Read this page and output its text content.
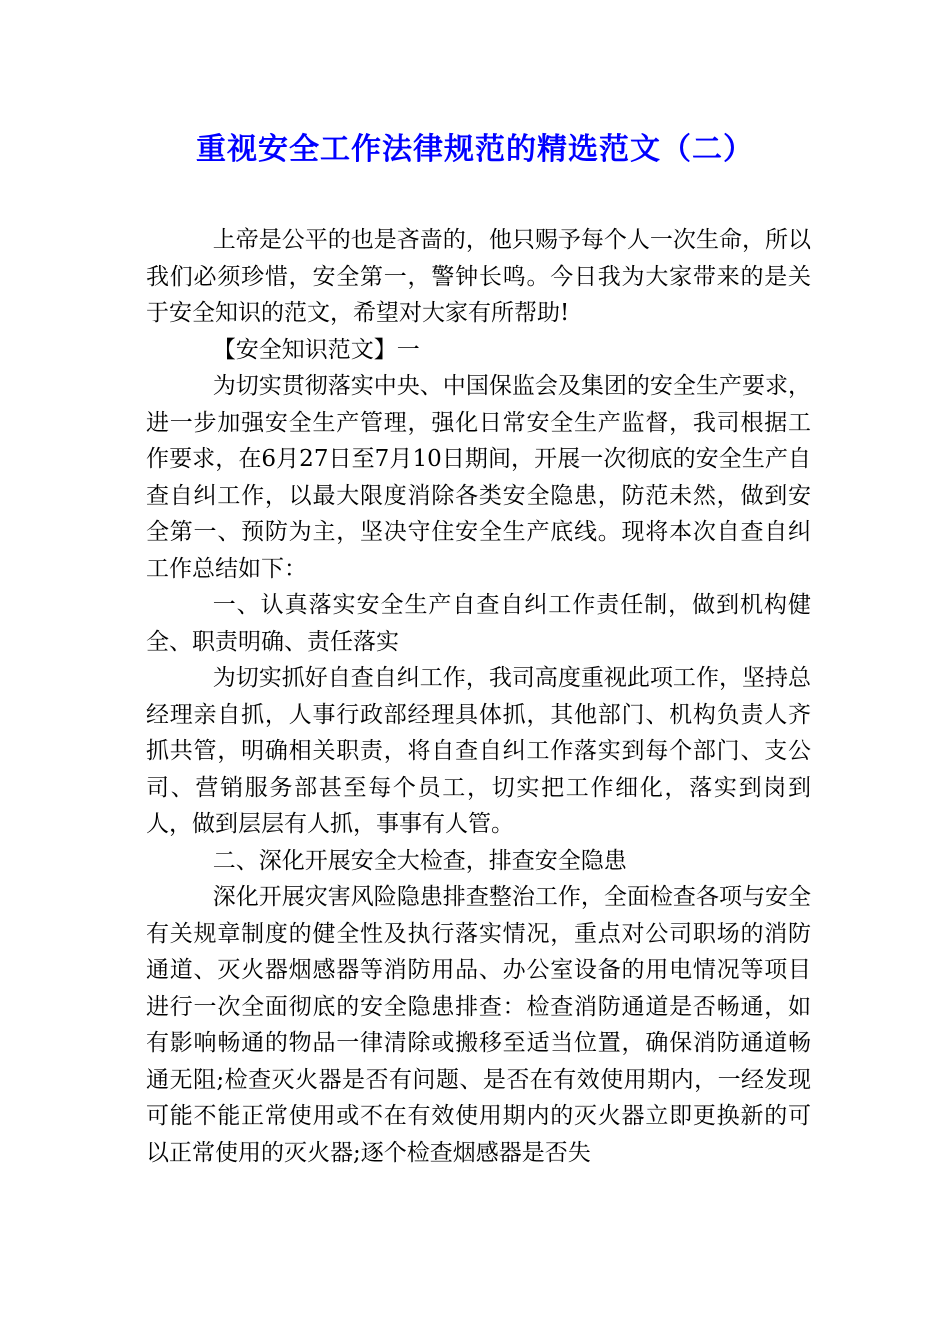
重视安全工作法律规范的精选范文（二）

上帝是公平的也是吝啬的，他只赐予每个人一次生命，所以我们必须珍惜，安全第一，警钟长鸣。今日我为大家带来的是关于安全知识的范文，希望对大家有所帮助!

【安全知识范文】一

为切实贯彻落实中央、中国保监会及集团的安全生产要求，进一步加强安全生产管理，强化日常安全生产监督，我司根据工作要求，在6月27日至7月10日期间，开展一次彻底的安全生产自查自纠工作，以最大限度消除各类安全隐患，防范未然，做到安全第一、预防为主，坚决守住安全生产底线。现将本次自查自纠工作总结如下：

一、认真落实安全生产自查自纠工作责任制，做到机构健全、职责明确、责任落实

为切实抓好自查自纠工作，我司高度重视此项工作，坚持总经理亲自抓，人事行政部经理具体抓，其他部门、机构负责人齐抓共管，明确相关职责，将自查自纠工作落实到每个部门、支公司、营销服务部甚至每个员工，切实把工作细化，落实到岗到人，做到层层有人抓，事事有人管。

二、深化开展安全大检查，排查安全隐患

深化开展灾害风险隐患排查整治工作，全面检查各项与安全有关规章制度的健全性及执行落实情况，重点对公司职场的消防通道、灭火器烟感器等消防用品、办公室设备的用电情况等项目进行一次全面彻底的安全隐患排查：检查消防通道是否畅通，如有影响畅通的物品一律清除或搬移至适当位置，确保消防通道畅通无阻;检查灭火器是否有问题、是否在有效使用期内，一经发现可能不能正常使用或不在有效使用期内的灭火器立即更换新的可以正常使用的灭火器;逐个检查烟感器是否失
